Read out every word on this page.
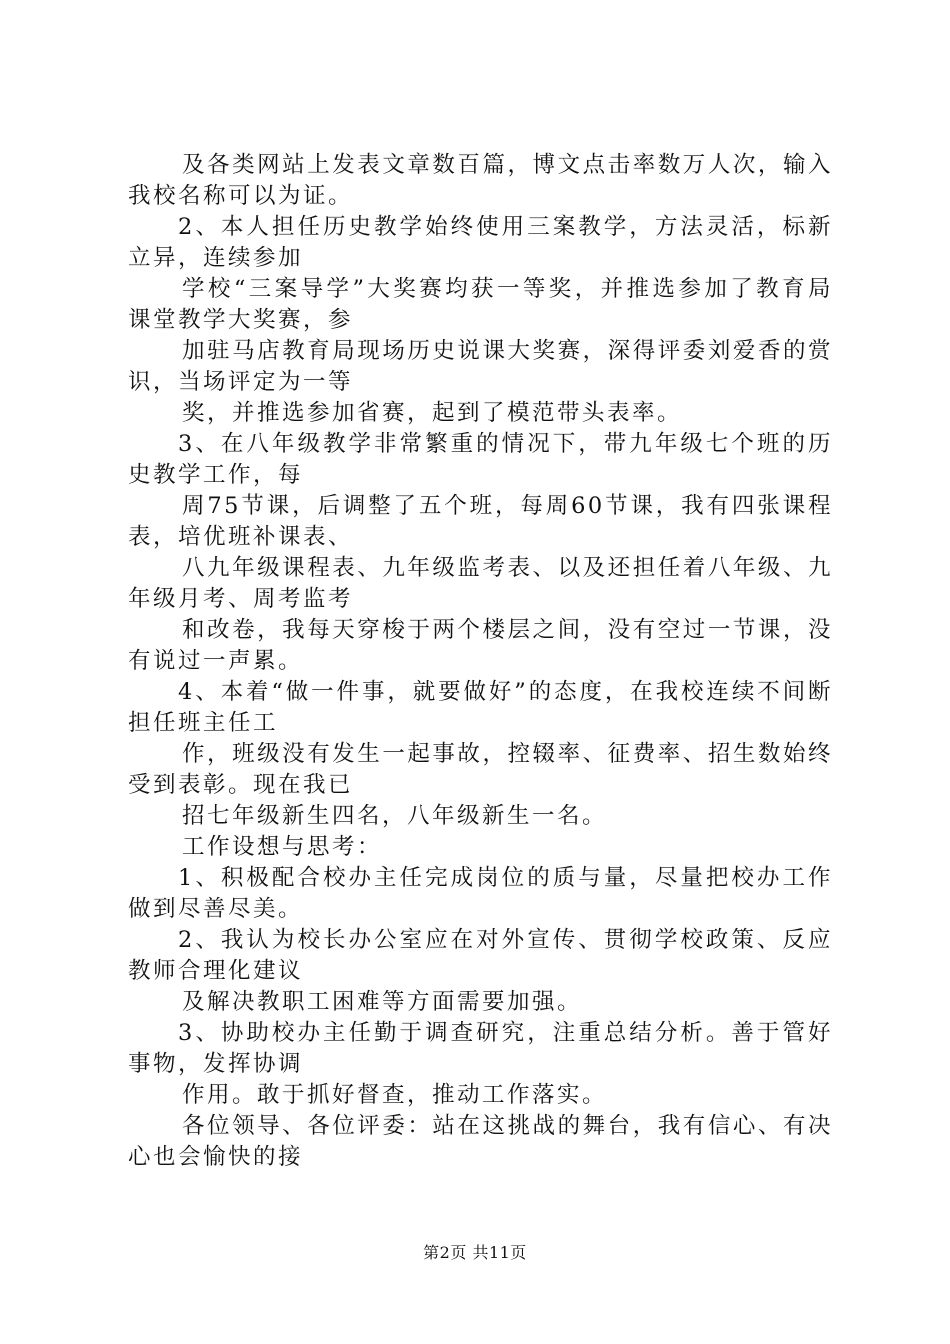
及各类网站上发表文章数百篇，博文点击率数万人次，输入我校名称可以为证。

2、本人担任历史教学始终使用三案教学，方法灵活，标新立异，连续参加

学校“三案导学”大奖赛均获一等奖，并推选参加了教育局课堂教学大奖赛，参

加驻马店教育局现场历史说课大奖赛，深得评委刘爱香的赏识，当场评定为一等

奖，并推选参加省赛，起到了模范带头表率。

3、在八年级教学非常繁重的情况下，带九年级七个班的历史教学工作，每

周75节课，后调整了五个班，每周60节课，我有四张课程表，培优班补课表、

八九年级课程表、九年级监考表、以及还担任着八年级、九年级月考、周考监考

和改卷，我每天穿梭于两个楼层之间，没有空过一节课，没有说过一声累。

4、本着“做一件事，就要做好”的态度，在我校连续不间断担任班主任工

作，班级没有发生一起事故，控辍率、征费率、招生数始终受到表彰。现在我已

招七年级新生四名，八年级新生一名。

工作设想与思考：

1、积极配合校办主任完成岗位的质与量，尽量把校办工作做到尽善尽美。

2、我认为校长办公室应在对外宣传、贯彻学校政策、反应教师合理化建议

及解决教职工困难等方面需要加强。

3、协助校办主任勤于调查研究，注重总结分析。善于管好事物，发挥协调

作用。敢于抓好督查，推动工作落实。

各位领导、各位评委：站在这挑战的舞台，我有信心、有决心也会愉快的接

第2页 共11页
